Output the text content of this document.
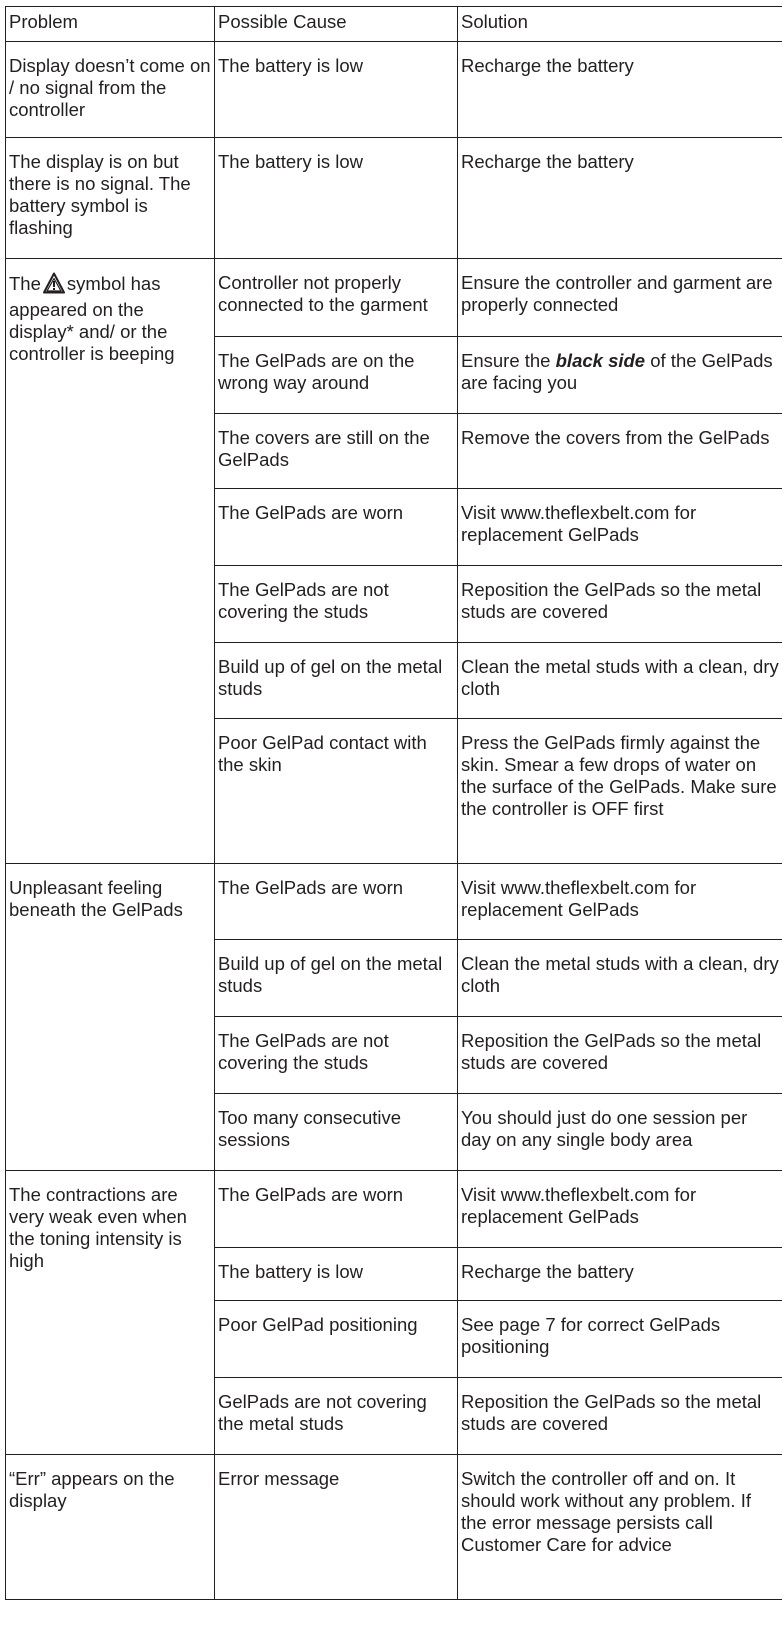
Problem	Possible Cause	Solution
Display doesn’t come on / no signal from the controller	The battery is low	Recharge the battery
The display is on but there is no signal. The battery symbol is flashing	The battery is low	Recharge the battery
The symbol has appeared on the display* and/ or the controller is beeping	Controller not properly connected to the garment	Ensure the controller and garment are properly connected
	The GelPads are on the wrong way around	Ensure the black side of the GelPads are facing you
	The covers are still on the GelPads	Remove the covers from the GelPads
	The GelPads are worn	Visit www.theflexbelt.com for replacement GelPads
	The GelPads are not covering the studs	Reposition the GelPads so the metal studs are covered
	Build up of gel on the metal studs	Clean the metal studs with a clean, dry cloth
	Poor GelPad contact with the skin	Press the GelPads firmly against the skin. Smear a few drops of water on the surface of the GelPads. Make sure the controller is OFF first
Unpleasant feeling beneath the GelPads	The GelPads are worn	Visit www.theflexbelt.com for replacement GelPads
	Build up of gel on the metal studs	Clean the metal studs with a clean, dry cloth
	The GelPads are not covering the studs	Reposition the GelPads so the metal studs are covered
	Too many consecutive sessions	You should just do one session per day on any single body area
The contractions are very weak even when the toning intensity is high	The GelPads are worn	Visit www.theflexbelt.com for replacement GelPads
	The battery is low	Recharge the battery
	Poor GelPad positioning	See page 7 for correct GelPads positioning
	GelPads are not covering the metal studs	Reposition the GelPads so the metal studs are covered
“Err” appears on the display	Error message	Switch the controller off and on. It should work without any problem. If the error message persists call Customer Care for advice
